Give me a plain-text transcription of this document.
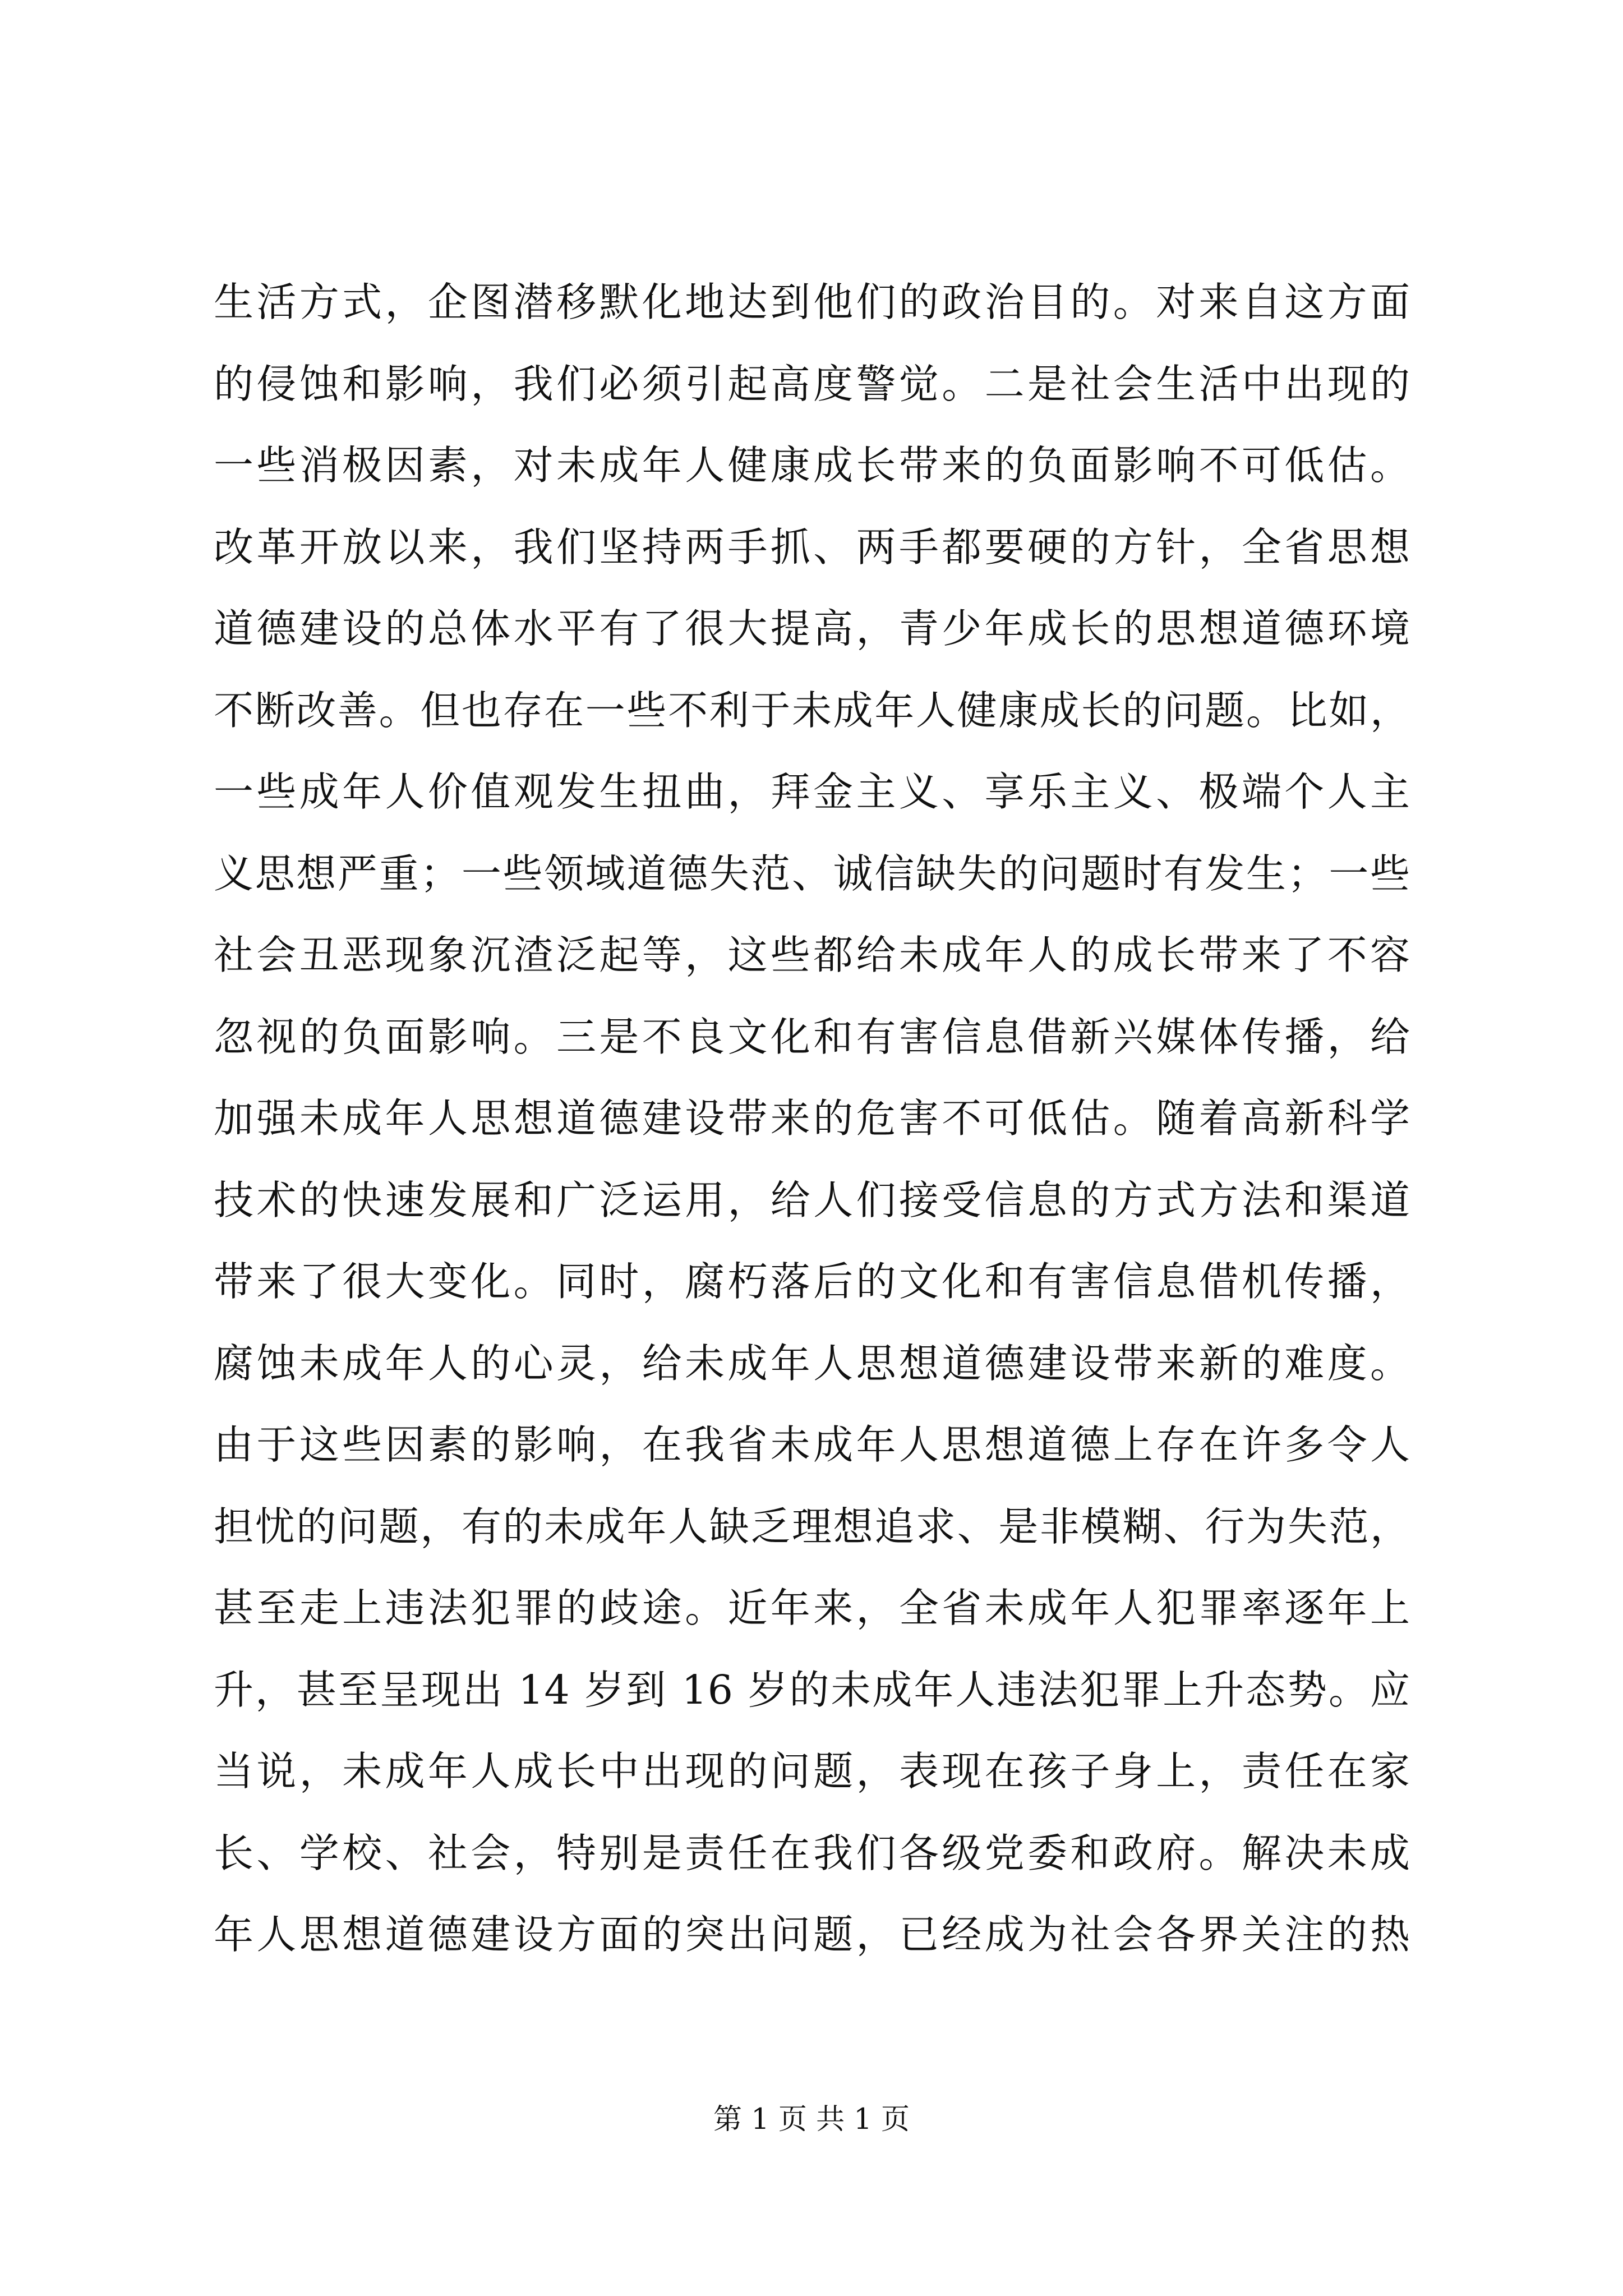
生活方式，企图潜移默化地达到他们的政治目的。对来自这方面
的侵蚀和影响，我们必须引起高度警觉。二是社会生活中出现的
一些消极因素，对未成年人健康成长带来的负面影响不可低估。
改革开放以来，我们坚持两手抓、两手都要硬的方针，全省思想
道德建设的总体水平有了很大提高，青少年成长的思想道德环境
不断改善。但也存在一些不利于未成年人健康成长的问题。比如，
一些成年人价值观发生扭曲，拜金主义、享乐主义、极端个人主
义思想严重；一些领域道德失范、诚信缺失的问题时有发生；一些
社会丑恶现象沉渣泛起等，这些都给未成年人的成长带来了不容
忽视的负面影响。三是不良文化和有害信息借新兴媒体传播，给
加强未成年人思想道德建设带来的危害不可低估。随着高新科学
技术的快速发展和广泛运用，给人们接受信息的方式方法和渠道
带来了很大变化。同时，腐朽落后的文化和有害信息借机传播，
腐蚀未成年人的心灵，给未成年人思想道德建设带来新的难度。
由于这些因素的影响，在我省未成年人思想道德上存在许多令人
担忧的问题，有的未成年人缺乏理想追求、是非模糊、行为失范，
甚至走上违法犯罪的歧途。近年来，全省未成年人犯罪率逐年上
升，甚至呈现出 14 岁到 16 岁的未成年人违法犯罪上升态势。应
当说，未成年人成长中出现的问题，表现在孩子身上，责任在家
长、学校、社会，特别是责任在我们各级党委和政府。解决未成
年人思想道德建设方面的突出问题，已经成为社会各界关注的热
第 1 页 共 1 页
